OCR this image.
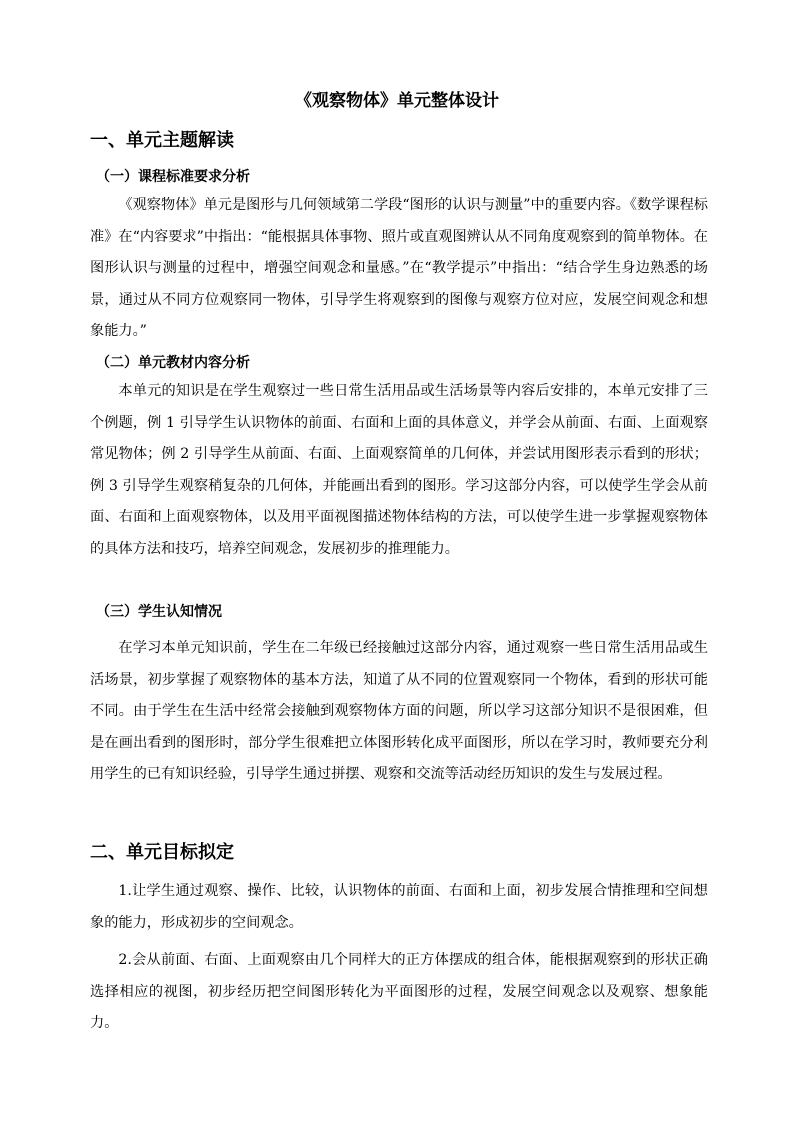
《观察物体》单元整体设计
一、单元主题解读
（一）课程标准要求分析
《观察物体》单元是图形与几何领域第二学段“图形的认识与测量”中的重要内容。《数学课程标准》在“内容要求”中指出：“能根据具体事物、照片或直观图辨认从不同角度观察到的简单物体。在图形认识与测量的过程中，增强空间观念和量感。”在“教学提示”中指出：“结合学生身边熟悉的场景，通过从不同方位观察同一物体，引导学生将观察到的图像与观察方位对应，发展空间观念和想象能力。”
（二）单元教材内容分析
本单元的知识是在学生观察过一些日常生活用品或生活场景等内容后安排的，本单元安排了三个例题，例 1 引导学生认识物体的前面、右面和上面的具体意义，并学会从前面、右面、上面观察常见物体；例 2 引导学生从前面、右面、上面观察简单的几何体，并尝试用图形表示看到的形状；例 3 引导学生观察稍复杂的几何体，并能画出看到的图形。学习这部分内容，可以使学生学会从前面、右面和上面观察物体，以及用平面视图描述物体结构的方法，可以使学生进一步掌握观察物体的具体方法和技巧，培养空间观念，发展初步的推理能力。
（三）学生认知情况
在学习本单元知识前，学生在二年级已经接触过这部分内容，通过观察一些日常生活用品或生活场景，初步掌握了观察物体的基本方法，知道了从不同的位置观察同一个物体，看到的形状可能不同。由于学生在生活中经常会接触到观察物体方面的问题，所以学习这部分知识不是很困难，但是在画出看到的图形时，部分学生很难把立体图形转化成平面图形，所以在学习时，教师要充分利用学生的已有知识经验，引导学生通过拼摆、观察和交流等活动经历知识的发生与发展过程。
二、单元目标拟定
1.让学生通过观察、操作、比较，认识物体的前面、右面和上面，初步发展合情推理和空间想象的能力，形成初步的空间观念。
2.会从前面、右面、上面观察由几个同样大的正方体摆成的组合体，能根据观察到的形状正确选择相应的视图，初步经历把空间图形转化为平面图形的过程，发展空间观念以及观察、想象能力。
